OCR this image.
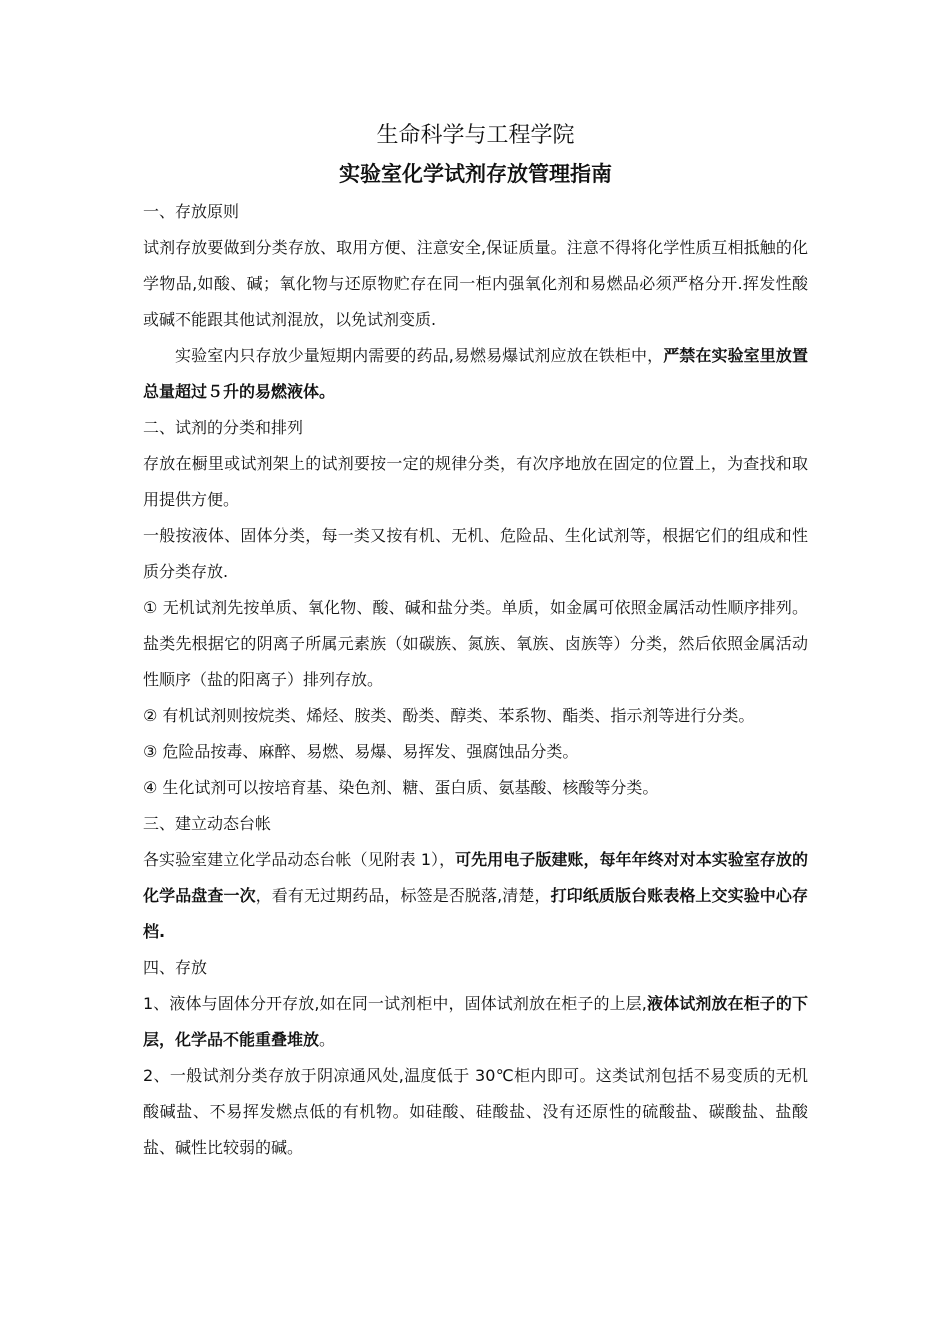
生命科学与工程学院
实验室化学试剂存放管理指南

一、存放原则

试剂存放要做到分类存放、取用方便、注意安全,保证质量。注意不得将化学性质互相抵触的化学物品,如酸、碱；氧化物与还原物贮存在同一柜内强氧化剂和易燃品必须严格分开.挥发性酸或碱不能跟其他试剂混放，以免试剂变质.

实验室内只存放少量短期内需要的药品,易燃易爆试剂应放在铁柜中，严禁在实验室里放置总量超过５升的易燃液体。

二、试剂的分类和排列

存放在橱里或试剂架上的试剂要按一定的规律分类，有次序地放在固定的位置上，为查找和取用提供方便。

一般按液体、固体分类，每一类又按有机、无机、危险品、生化试剂等，根据它们的组成和性质分类存放.

① 无机试剂先按单质、氧化物、酸、碱和盐分类。单质，如金属可依照金属活动性顺序排列。盐类先根据它的阴离子所属元素族（如碳族、氮族、氧族、卤族等）分类，然后依照金属活动性顺序（盐的阳离子）排列存放。

② 有机试剂则按烷类、烯烃、胺类、酚类、醇类、苯系物、酯类、指示剂等进行分类。

③ 危险品按毒、麻醉、易燃、易爆、易挥发、强腐蚀品分类。

④ 生化试剂可以按培育基、染色剂、糖、蛋白质、氨基酸、核酸等分类。

三、建立动态台帐

各实验室建立化学品动态台帐（见附表 1），可先用电子版建账，每年年终对对本实验室存放的化学品盘查一次，看有无过期药品，标签是否脱落,清楚，打印纸质版台账表格上交实验中心存档.

四、存放

1、液体与固体分开存放,如在同一试剂柜中，固体试剂放在柜子的上层,液体试剂放在柜子的下层，化学品不能重叠堆放。

2、一般试剂分类存放于阴凉通风处,温度低于 30℃柜内即可。这类试剂包括不易变质的无机酸碱盐、不易挥发燃点低的有机物。如硅酸、硅酸盐、没有还原性的硫酸盐、碳酸盐、盐酸盐、碱性比较弱的碱。
